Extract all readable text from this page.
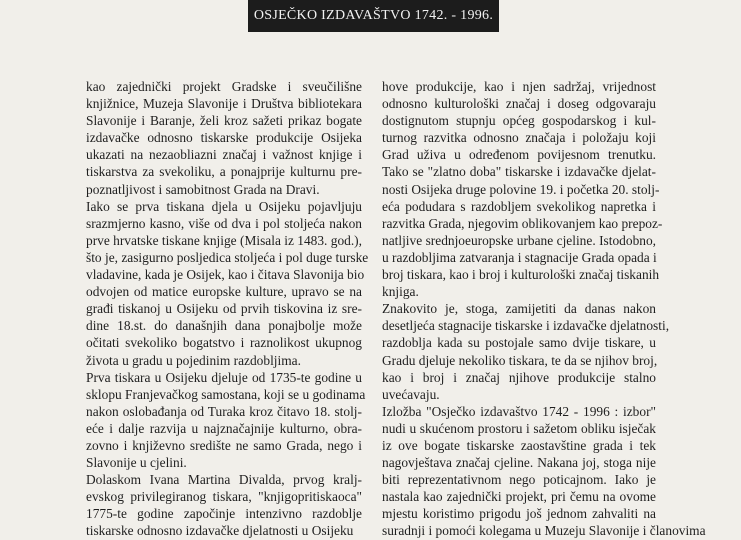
OSJEČKO IZDAVAŠTVO 1742. - 1996.

kao zajednički projekt Gradske i sveučilišne
knjižnice, Muzeja Slavonije i Društva bibliotekara
Slavonije i Baranje, želi kroz sažeti prikaz bogate
izdavačke odnosno tiskarske produkcije Osijeka
ukazati na nezaobliazni značaj i važnost knjige i
tiskarstva za svekoliku, a ponajprije kulturnu pre-
poznatljivost i samobitnost Grada na Dravi.

Iako se prva tiskana djela u Osijeku pojavljuju
srazmjerno kasno, više od dva i pol stoljeća nakon
prve hrvatske tiskane knjige (Misala iz 1483. god.),
što je, zasigurno posljedica stoljeća i pol duge turske
vladavine, kada je Osijek, kao i čitava Slavonija bio
odvojen od matice europske kulture, upravo se na
građi tiskanoj u Osijeku od prvih tiskovina iz sre-
dine 18.st. do današnjih dana ponajbolje može
očitati svekoliko bogatstvo i raznolikost ukupnog
života u gradu u pojedinim razdobljima.

Prva tiskara u Osijeku djeluje od 1735-te godine u
sklopu Franjevačkog samostana, koji se u godinama
nakon oslobađanja od Turaka kroz čitavo 18. stolj-
eće i dalje razvija u najznačajnije kulturno, obra-
zovno i književno središte ne samo Grada, nego i
Slavonije u cjelini.

Dolaskom Ivana Martina Divalda, prvog kralj-
evskog privilegiranog tiskara, "knjigopritiskaoca"
1775-te godine započinje intenzivno razdoblje
tiskarske odnosno izdavačke djelatnosti u Osijeku

hove produkcije, kao i njen sadržaj, vrijednost
odnosno kulturološki značaj i doseg odgovaraju
dostignutom stupnju općeg gospodarskog i kul-
turnog razvitka odnosno značaja i položaju koji
Grad uživa u određenom povijesnom trenutku.
Tako se "zlatno doba" tiskarske i izdavačke djelat-
nosti Osijeka druge polovine 19. i početka 20. stolj-
eća podudara s razdobljem svekolikog napretka i
razvitka Grada, njegovim oblikovanjem kao prepoz-
natljive srednjoeuropske urbane cjeline. Istodobno,
u razdobljima zatvaranja i stagnacije Grada opada i
broj tiskara, kao i broj i kulturološki značaj tiskanih
knjiga.

Znakovito je, stoga, zamijetiti da danas nakon
desetljeća stagnacije tiskarske i izdavačke djelatnosti,
razdoblja kada su postojale samo dvije tiskare, u
Gradu djeluje nekoliko tiskara, te da se njihov broj,
kao i broj i značaj njihove produkcije stalno
uvećavaju.

Izložba "Osječko izdavaštvo 1742 - 1996 : izbor"
nudi u skućenom prostoru i sažetom obliku isječak
iz ove bogate tiskarske zaostavštine grada i tek
nagovještava značaj cjeline. Nakana joj, stoga nije
biti reprezentativnom nego poticajnom. Iako je
nastala kao zajednički projekt, pri čemu na ovome
mjestu koristimo prigodu još jednom zahvaliti na
suradnji i pomoći kolegama u Muzeju Slavonije i članovima
